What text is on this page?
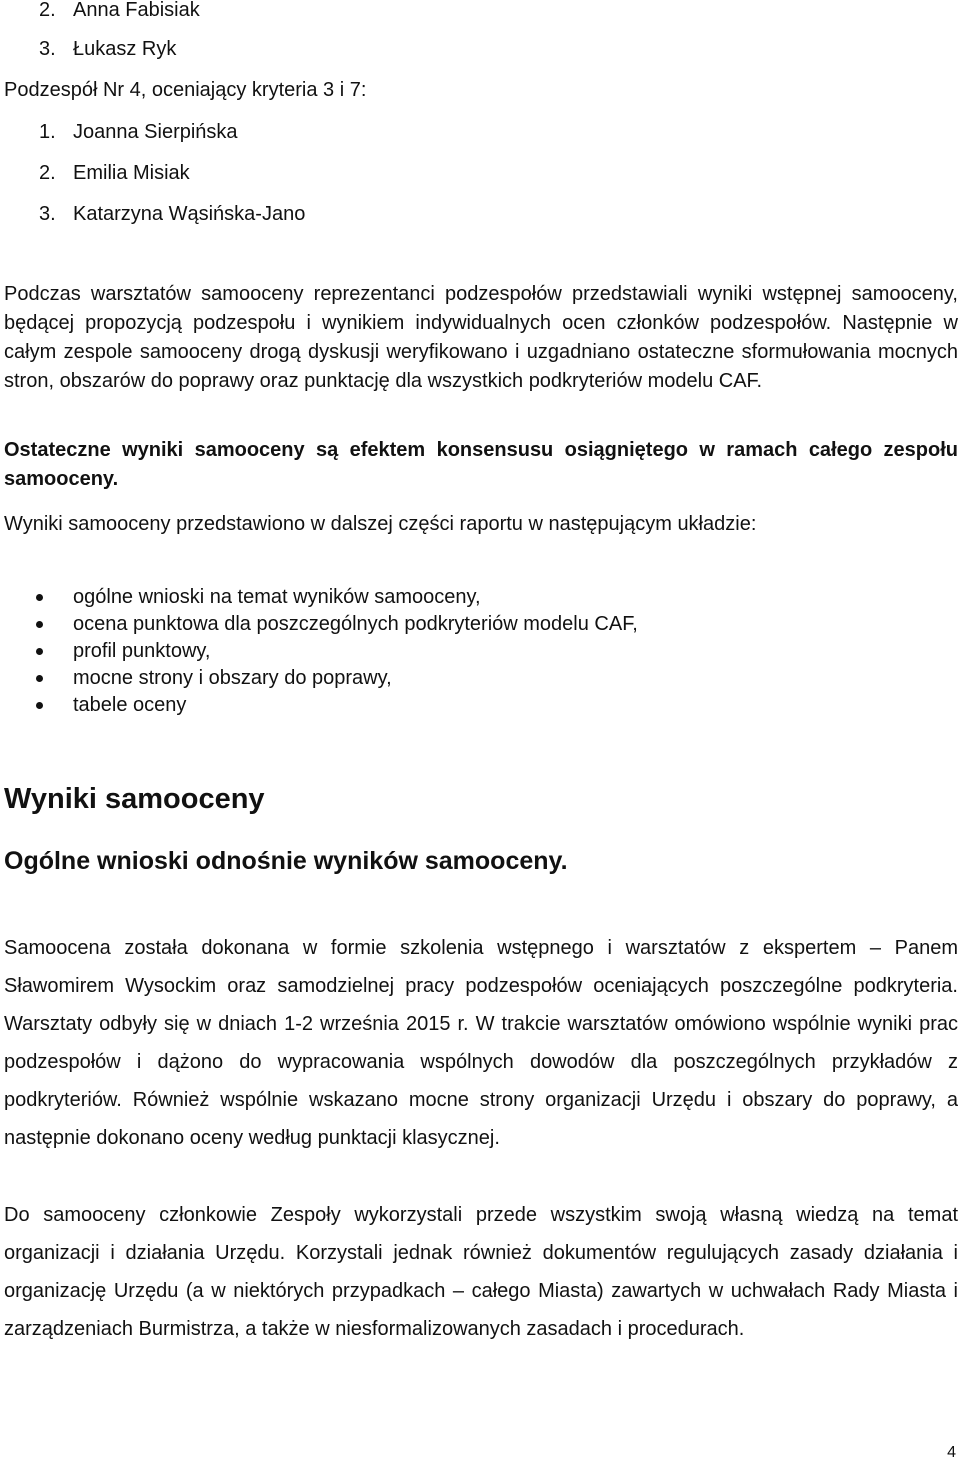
2. Anna Fabisiak
3. Łukasz Ryk
Podzespół Nr 4, oceniający kryteria 3 i 7:
1. Joanna Sierpińska
2. Emilia Misiak
3. Katarzyna Wąsińska-Jano

Podczas warsztatów samooceny reprezentanci podzespołów przedstawiali wyniki wstępnej samooceny, będącej propozycją podzespołu i wynikiem indywidualnych ocen członków podzespołów. Następnie w całym zespole samooceny drogą dyskusji weryfikowano i uzgadniano ostateczne sformułowania mocnych stron, obszarów do poprawy oraz punktację dla wszystkich podkryteriów modelu CAF.

Ostateczne wyniki samooceny są efektem konsensusu osiągniętego w ramach całego zespołu samooceny.

Wyniki samooceny przedstawiono w dalszej części raportu w następującym układzie:

ogólne wnioski na temat wyników samooceny,
ocena punktowa dla poszczególnych podkryteriów modelu CAF,
profil punktowy,
mocne strony i obszary do poprawy,
tabele oceny
Wyniki samooceny
Ogólne wnioski odnośnie wyników samooceny.

Samoocena została dokonana w formie szkolenia wstępnego i warsztatów z ekspertem – Panem Sławomirem Wysockim oraz samodzielnej pracy podzespołów oceniających poszczególne podkryteria. Warsztaty odbyły się w dniach 1-2 września 2015 r. W trakcie warsztatów omówiono wspólnie wyniki prac podzespołów i dążono do wypracowania wspólnych dowodów dla poszczególnych przykładów z podkryteriów. Również wspólnie wskazano mocne strony organizacji Urzędu i obszary do poprawy, a następnie dokonano oceny według punktacji klasycznej.

Do samooceny członkowie Zespoły wykorzystali przede wszystkim swoją własną wiedzą na temat organizacji i działania Urzędu. Korzystali jednak również dokumentów regulujących zasady działania i organizację Urzędu (a w niektórych przypadkach – całego Miasta) zawartych w uchwałach Rady Miasta i zarządzeniach Burmistrza, a także w niesformalizowanych zasadach i procedurach.

4
